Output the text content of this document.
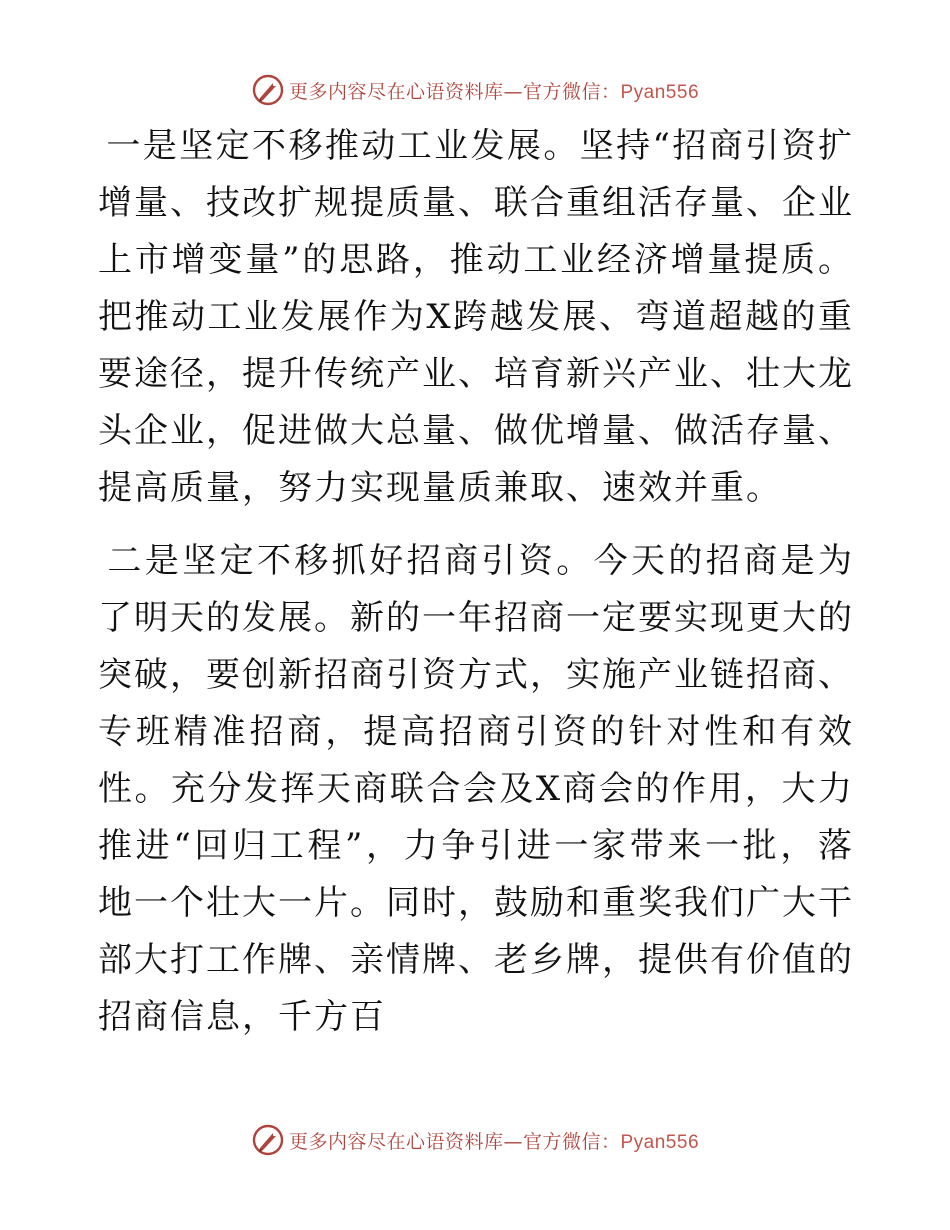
更多内容尽在心语资料库—官方微信：Pyan556

一是坚定不移推动工业发展。坚持“招商引资扩增量、技改扩规提质量、联合重组活存量、企业上市增变量”的思路，推动工业经济增量提质。把推动工业发展作为X跨越发展、弯道超越的重要途径，提升传统产业、培育新兴产业、壮大龙头企业，促进做大总量、做优增量、做活存量、提高质量，努力实现量质兼取、速效并重。

二是坚定不移抓好招商引资。今天的招商是为了明天的发展。新的一年招商一定要实现更大的突破，要创新招商引资方式，实施产业链招商、专班精准招商，提高招商引资的针对性和有效性。充分发挥天商联合会及X商会的作用，大力推进“回归工程”，力争引进一家带来一批，落地一个壮大一片。同时，鼓励和重奖我们广大干部大打工作牌、亲情牌、老乡牌，提供有价值的招商信息，千方百

更多内容尽在心语资料库—官方微信：Pyan556
